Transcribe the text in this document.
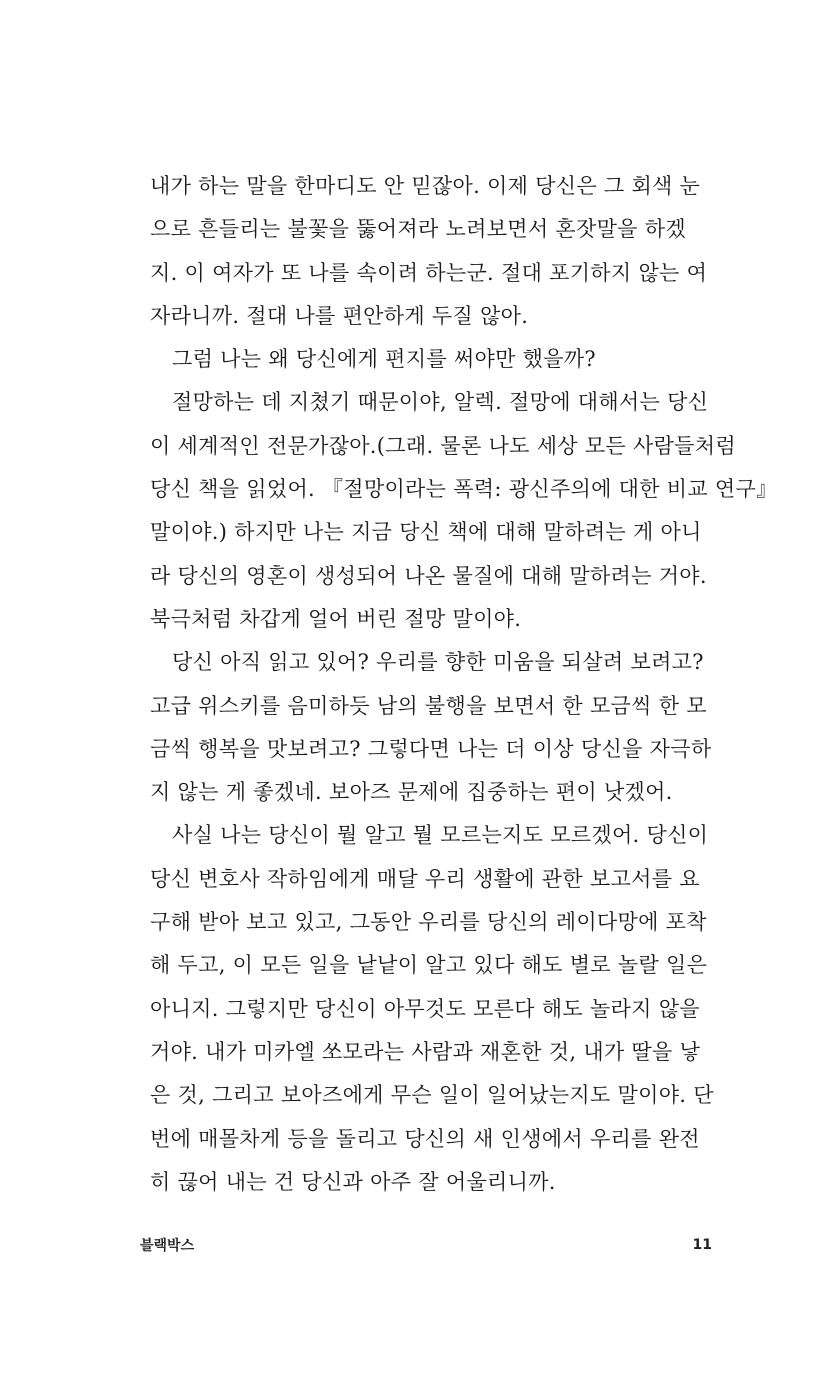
내가 하는 말을 한마디도 안 믿잖아. 이제 당신은 그 회색 눈
으로 흔들리는 불꽃을 뚫어져라 노려보면서 혼잣말을 하겠
지. 이 여자가 또 나를 속이려 하는군. 절대 포기하지 않는 여
자라니까. 절대 나를 편안하게 두질 않아.
그럼 나는 왜 당신에게 편지를 써야만 했을까?
절망하는 데 지쳤기 때문이야, 알렉. 절망에 대해서는 당신
이 세계적인 전문가잖아.(그래. 물론 나도 세상 모든 사람들처럼
당신 책을 읽었어. 『절망이라는 폭력: 광신주의에 대한 비교 연구』
말이야.) 하지만 나는 지금 당신 책에 대해 말하려는 게 아니
라 당신의 영혼이 생성되어 나온 물질에 대해 말하려는 거야.
북극처럼 차갑게 얼어 버린 절망 말이야.
당신 아직 읽고 있어? 우리를 향한 미움을 되살려 보려고?
고급 위스키를 음미하듯 남의 불행을 보면서 한 모금씩 한 모
금씩 행복을 맛보려고? 그렇다면 나는 더 이상 당신을 자극하
지 않는 게 좋겠네. 보아즈 문제에 집중하는 편이 낫겠어.
사실 나는 당신이 뭘 알고 뭘 모르는지도 모르겠어. 당신이
당신 변호사 작하임에게 매달 우리 생활에 관한 보고서를 요
구해 받아 보고 있고, 그동안 우리를 당신의 레이다망에 포착
해 두고, 이 모든 일을 낱낱이 알고 있다 해도 별로 놀랄 일은
아니지. 그렇지만 당신이 아무것도 모른다 해도 놀라지 않을
거야. 내가 미카엘 쏘모라는 사람과 재혼한 것, 내가 딸을 낳
은 것, 그리고 보아즈에게 무슨 일이 일어났는지도 말이야. 단
번에 매몰차게 등을 돌리고 당신의 새 인생에서 우리를 완전
히 끊어 내는 건 당신과 아주 잘 어울리니까.
블랙박스	11
